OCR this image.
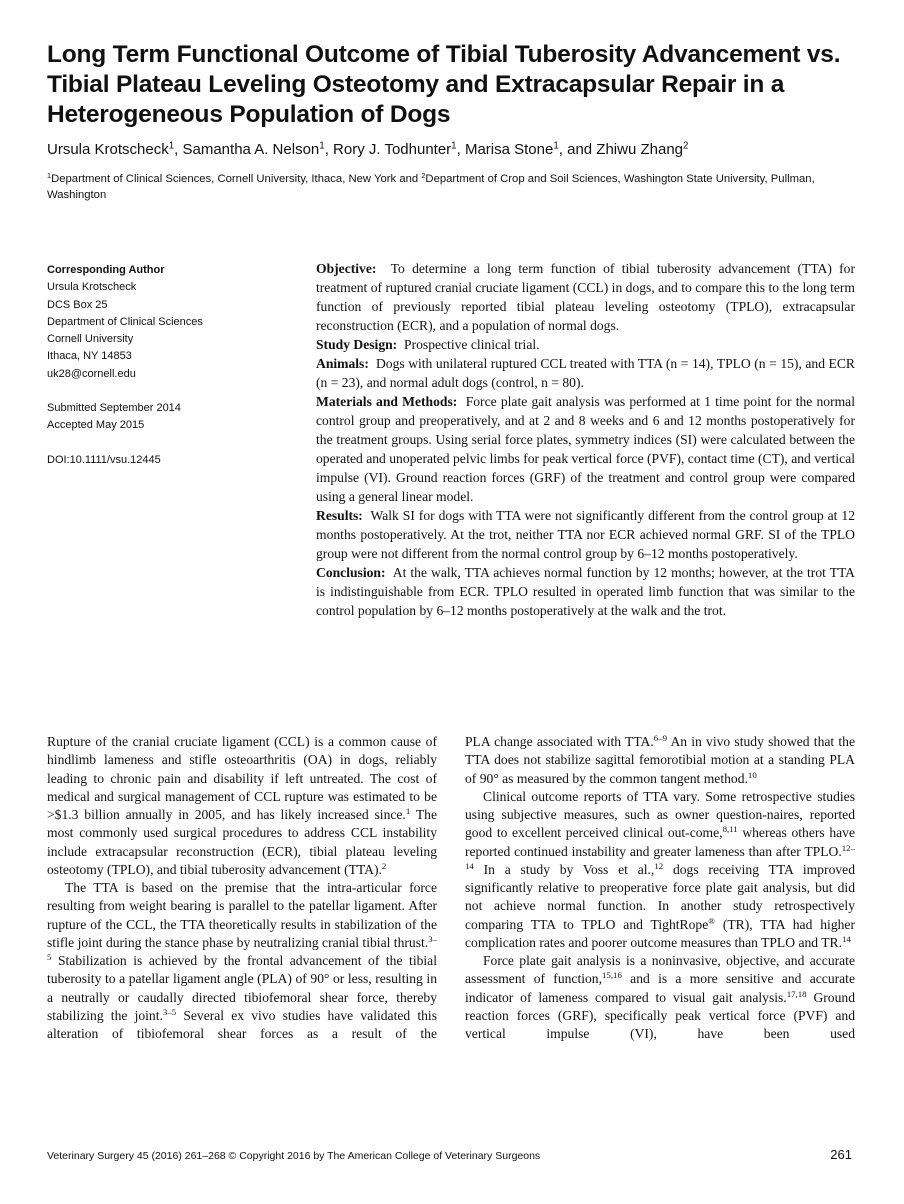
Long Term Functional Outcome of Tibial Tuberosity Advancement vs. Tibial Plateau Leveling Osteotomy and Extracapsular Repair in a Heterogeneous Population of Dogs
Ursula Krotscheck$^1$, Samantha A. Nelson$^1$, Rory J. Todhunter$^1$, Marisa Stone$^1$, and Zhiwu Zhang$^2$
$^1$Department of Clinical Sciences, Cornell University, Ithaca, New York and $^2$Department of Crop and Soil Sciences, Washington State University, Pullman, Washington
Corresponding Author
Ursula Krotscheck
DCS Box 25
Department of Clinical Sciences
Cornell University
Ithaca, NY 14853
uk28@cornell.edu
Submitted September 2014
Accepted May 2015
DOI:10.1111/vsu.12445

Objective: To determine a long term function of tibial tuberosity advancement (TTA) for treatment of ruptured cranial cruciate ligament (CCL) in dogs, and to compare this to the long term function of previously reported tibial plateau leveling osteotomy (TPLO), extracapsular reconstruction (ECR), and a population of normal dogs.

Study Design: Prospective clinical trial.

Animals: Dogs with unilateral ruptured CCL treated with TTA (n = 14), TPLO (n = 15), and ECR (n = 23), and normal adult dogs (control, n = 80).

Materials and Methods: Force plate gait analysis was performed at 1 time point for the normal control group and preoperatively, and at 2 and 8 weeks and 6 and 12 months postoperatively for the treatment groups. Using serial force plates, symmetry indices (SI) were calculated between the operated and unoperated pelvic limbs for peak vertical force (PVF), contact time (CT), and vertical impulse (VI). Ground reaction forces (GRF) of the treatment and control group were compared using a general linear model.

Results: Walk SI for dogs with TTA were not significantly different from the control group at 12 months postoperatively. At the trot, neither TTA nor ECR achieved normal GRF. SI of the TPLO group were not different from the normal control group by 6–12 months postoperatively.

Conclusion: At the walk, TTA achieves normal function by 12 months; however, at the trot TTA is indistinguishable from ECR. TPLO resulted in operated limb function that was similar to the control population by 6–12 months postoperatively at the walk and the trot.

Rupture of the cranial cruciate ligament (CCL) is a common cause of hindlimb lameness and stifle osteoarthritis (OA) in dogs, reliably leading to chronic pain and disability if left untreated. The cost of medical and surgical management of CCL rupture was estimated to be >$1.3 billion annually in 2005, and has likely increased since.$^1$ The most commonly used surgical procedures to address CCL instability include extracapsular reconstruction (ECR), tibial plateau leveling osteotomy (TPLO), and tibial tuberosity advancement (TTA).$^2$

The TTA is based on the premise that the intra-articular force resulting from weight bearing is parallel to the patellar ligament. After rupture of the CCL, the TTA theoretically results in stabilization of the stifle joint during the stance phase by neutralizing cranial tibial thrust.$^{3-5}$ Stabilization is achieved by the frontal advancement of the tibial tuberosity to a patellar ligament angle (PLA) of 90° or less, resulting in a neutrally or caudally directed tibiofemoral shear force, thereby stabilizing the joint.$^{3-5}$ Several ex vivo studies have validated this alteration of tibiofemoral shear forces as a result of the

PLA change associated with TTA.$^{6-9}$ An in vivo study showed that the TTA does not stabilize sagittal femorotibial motion at a standing PLA of 90° as measured by the common tangent method.$^{10}$

Clinical outcome reports of TTA vary. Some retrospective studies using subjective measures, such as owner question-naires, reported good to excellent perceived clinical out-come,$^{8,11}$ whereas others have reported continued instability and greater lameness than after TPLO.$^{12-14}$ In a study by Voss et al.,$^{12}$ dogs receiving TTA improved significantly relative to preoperative force plate gait analysis, but did not achieve normal function. In another study retrospectively comparing TTA to TPLO and TightRope® (TR), TTA had higher complication rates and poorer outcome measures than TPLO and TR.$^{14}$

Force plate gait analysis is a noninvasive, objective, and accurate assessment of function,$^{15,16}$ and is a more sensitive and accurate indicator of lameness compared to visual gait analysis.$^{17,18}$ Ground reaction forces (GRF), specifically peak vertical force (PVF) and vertical impulse (VI), have been used

Veterinary Surgery 45 (2016) 261–268 © Copyright 2016 by The American College of Veterinary Surgeons	261
